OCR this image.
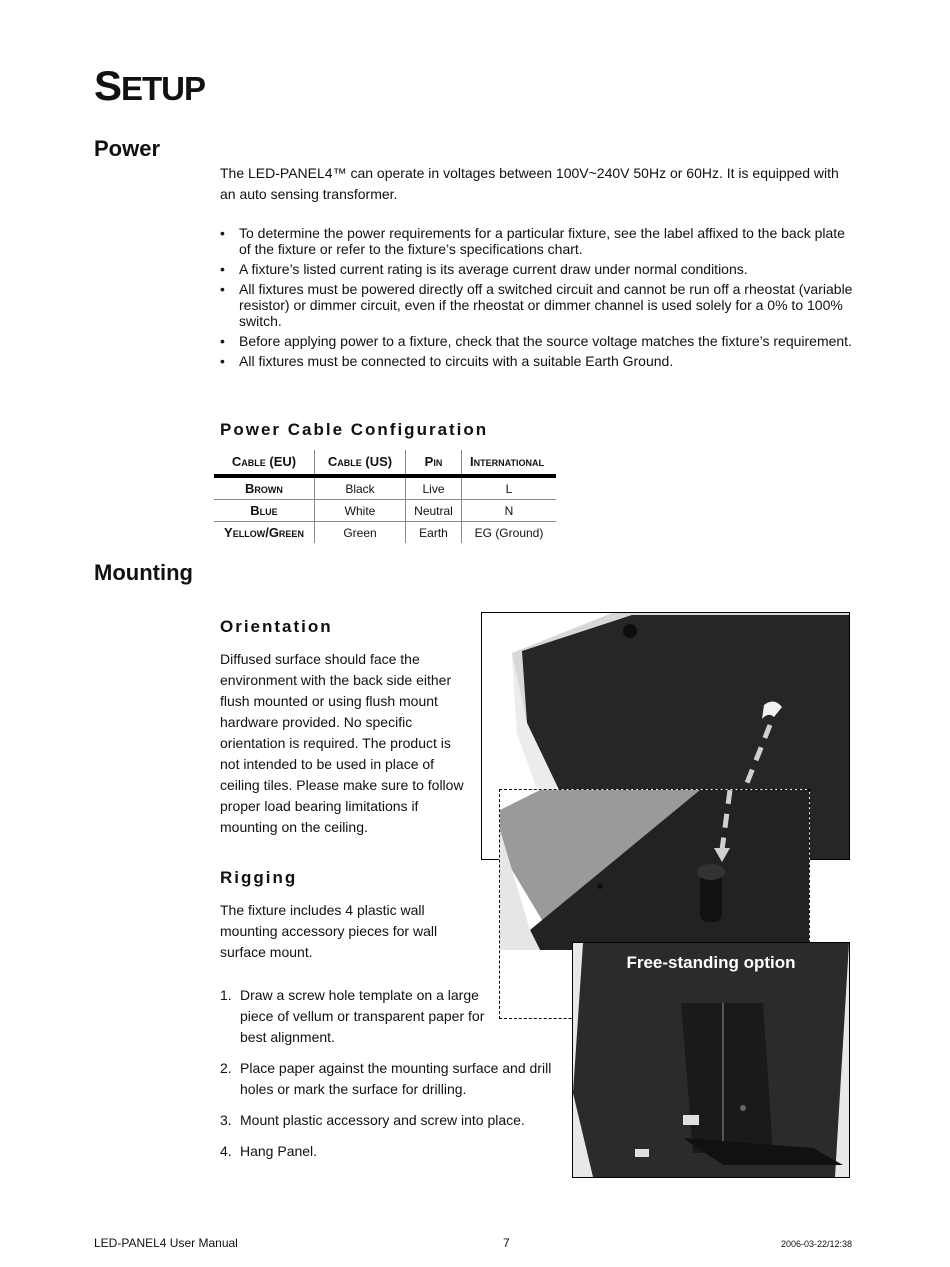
SETUP
Power

The LED-PANEL4™ can operate in voltages between 100V~240V 50Hz or 60Hz. It is equipped with an auto sensing transformer.

• To determine the power requirements for a particular fixture, see the label affixed to the back plate of the fixture or refer to the fixture’s specifications chart.
• A fixture’s listed current rating is its average current draw under normal conditions.
• All fixtures must be powered directly off a switched circuit and cannot be run off a rheostat (variable resistor) or dimmer circuit, even if the rheostat or dimmer channel is used solely for a 0% to 100% switch.
• Before applying power to a fixture, check that the source voltage matches the fixture’s requirement.
• All fixtures must be connected to circuits with a suitable Earth Ground.
Power Cable Configuration
Cable (EU)	Cable (US)	Pin	International
Brown	Black	Live	L
Blue	White	Neutral	N
Yellow/Green	Green	Earth	EG (Ground)
Mounting
Orientation

Diffused surface should face the environment with the back side either flush mounted or using flush mount hardware provided. No specific orientation is required. The product is not intended to be used in place of ceiling tiles. Please make sure to follow proper load bearing limitations if mounting on the ceiling.

Rigging

The fixture includes 4 plastic wall mounting accessory pieces for wall surface mount.

1. Draw a screw hole template on a large piece of vellum or transparent paper for best alignment.
2. Place paper against the mounting surface and drill holes or mark the surface for drilling.
3. Mount plastic accessory and screw into place.
4. Hang Panel.
Free-standing option
LED-PANEL4 User Manual	7	2006-03-22/12:38
